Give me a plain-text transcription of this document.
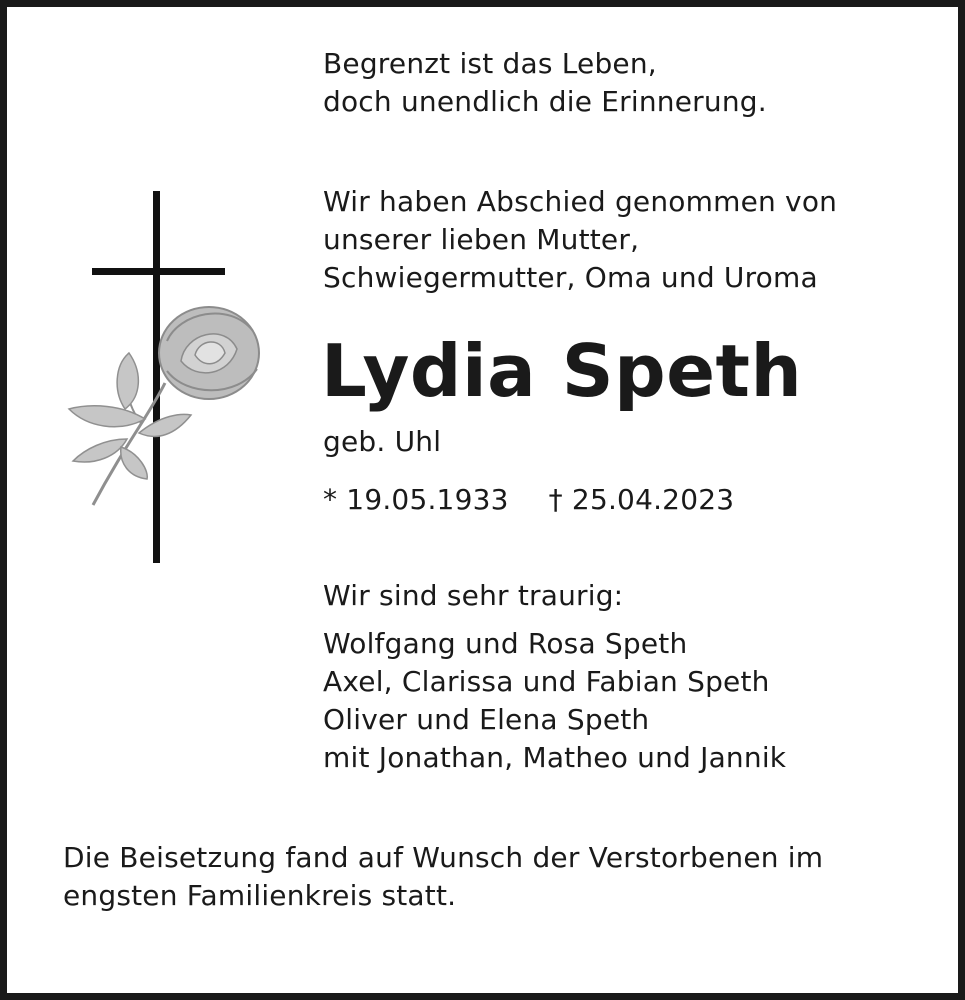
Begrenzt ist das Leben,
doch unendlich die Erinnerung.
Wir haben Abschied genommen von
unserer lieben Mutter,
Schwiegermutter, Oma und Uroma
Lydia Speth
geb. Uhl
* 19.05.1933 † 25.04.2023
Wir sind sehr traurig:
Wolfgang und Rosa Speth
Axel, Clarissa und Fabian Speth
Oliver und Elena Speth
mit Jonathan, Matheo und Jannik
Die Beisetzung fand auf Wunsch der Verstorbenen im
engsten Familienkreis statt.
